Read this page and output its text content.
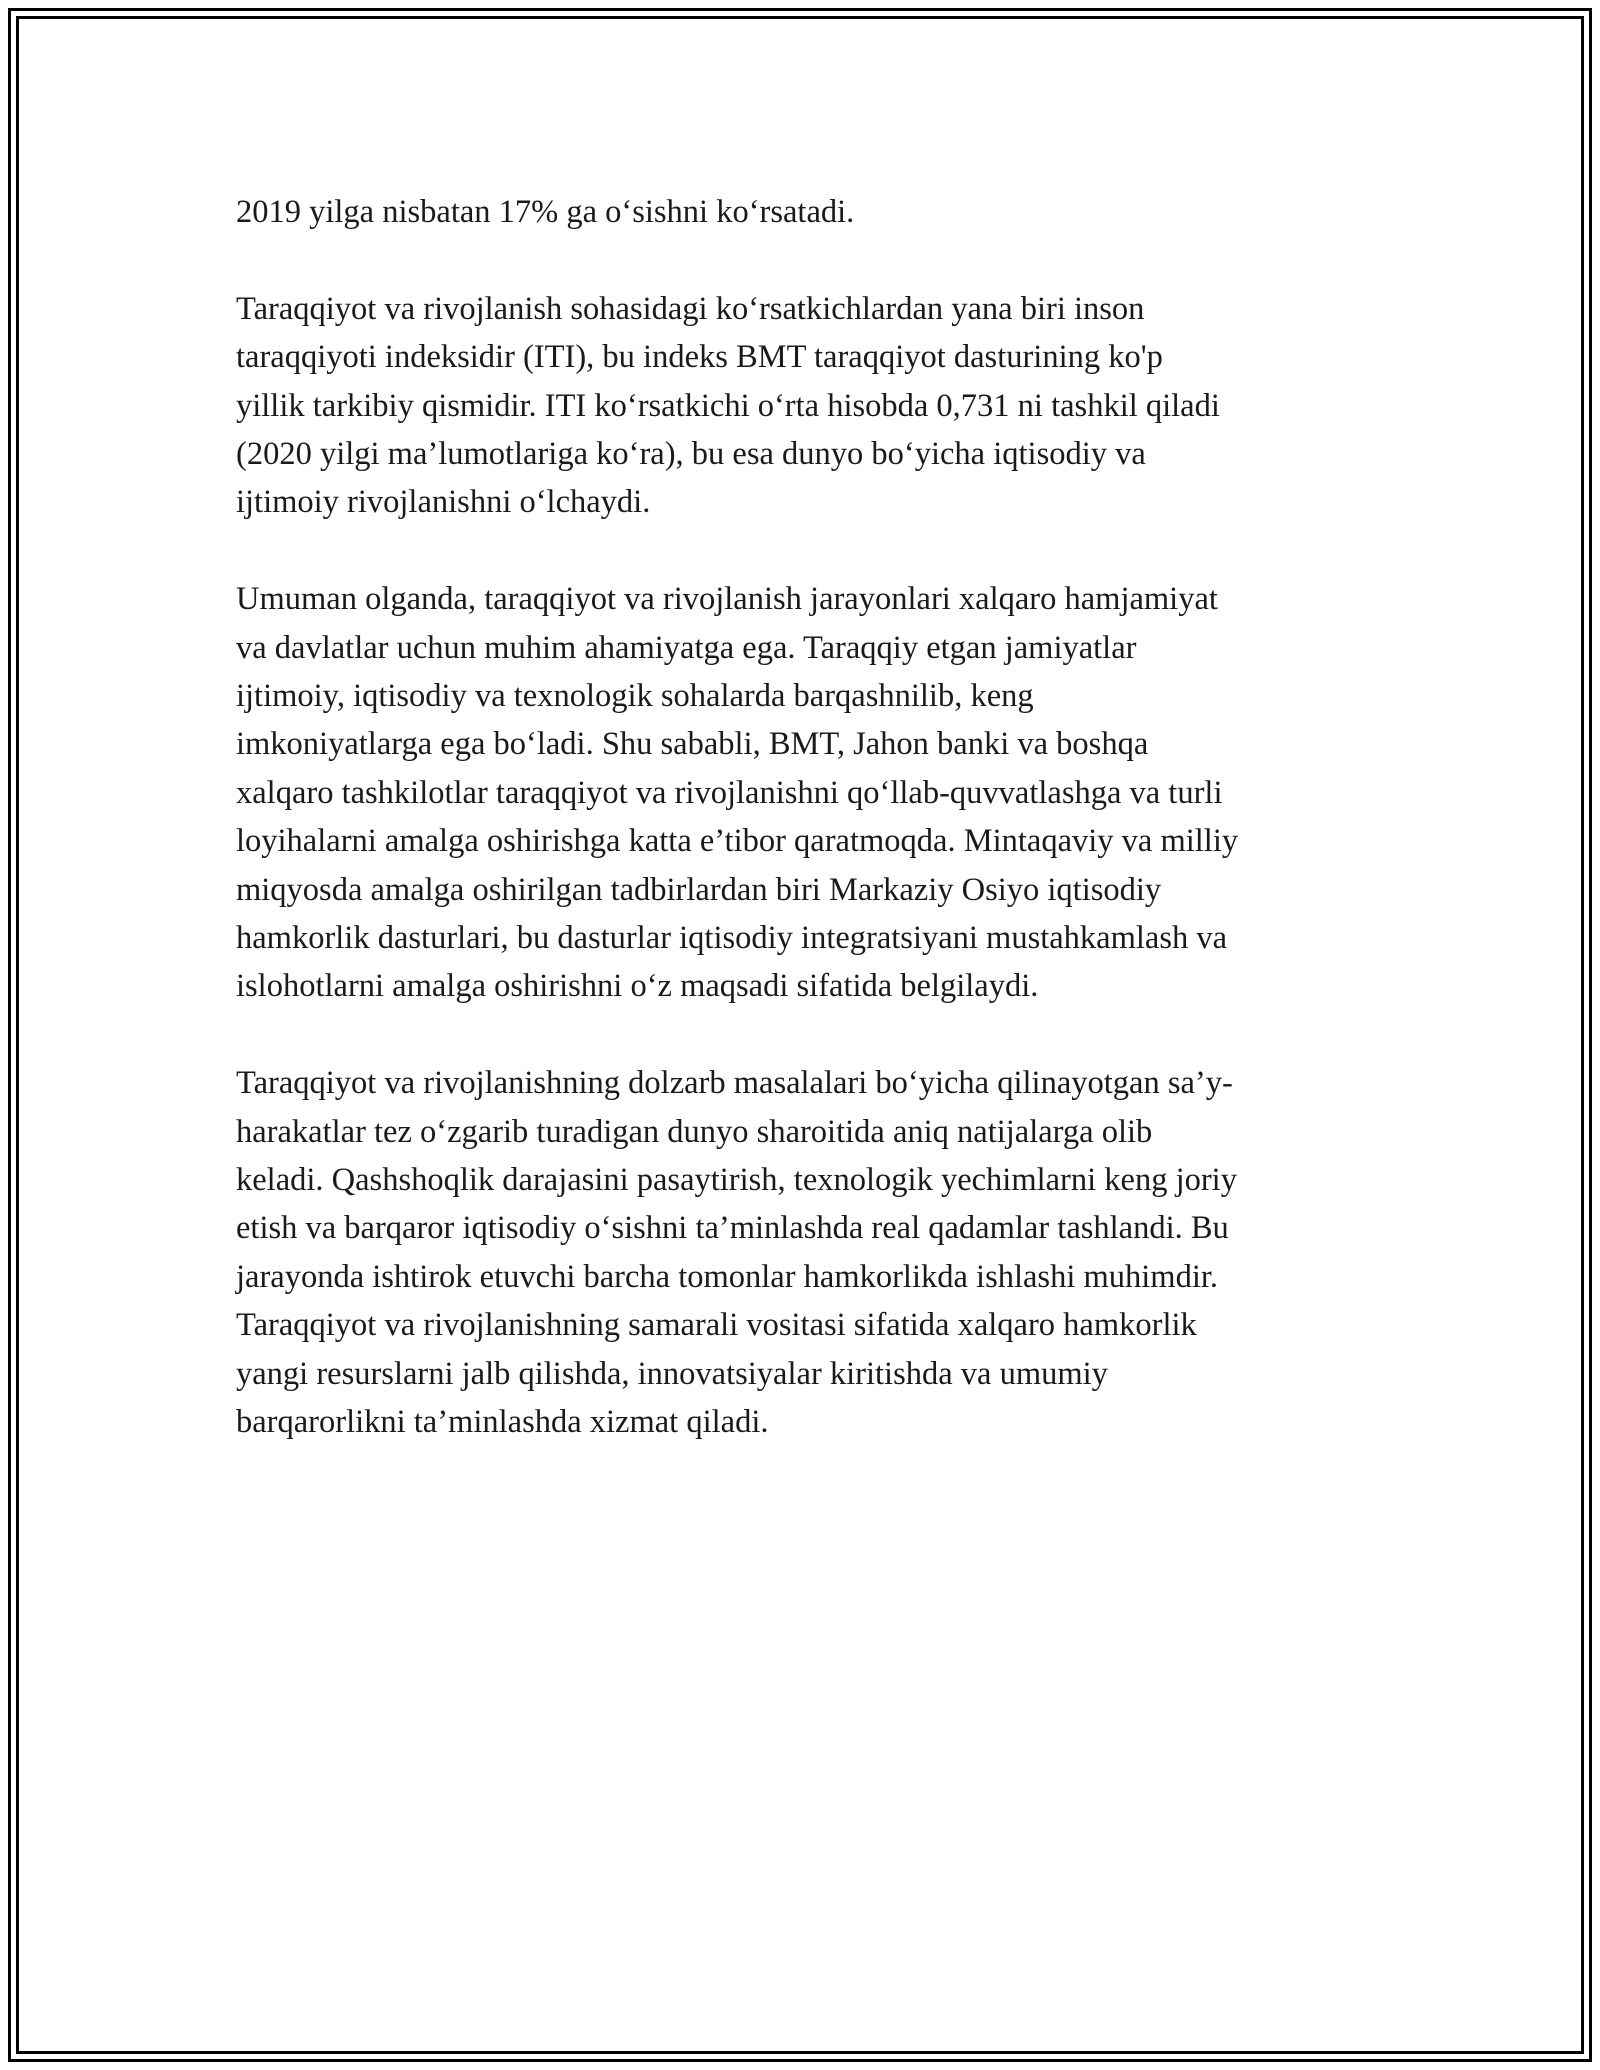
2019 yilga nisbatan 17% ga o‘sishni ko‘rsatadi.
Taraqqiyot va rivojlanish sohasidagi ko‘rsatkichlardan yana biri inson
taraqqiyoti indeksidir (ITI), bu indeks BMT taraqqiyot dasturining ko'p
yillik tarkibiy qismidir. ITI ko‘rsatkichi o‘rta hisobda 0,731 ni tashkil qiladi
(2020 yilgi ma’lumotlariga ko‘ra), bu esa dunyo bo‘yicha iqtisodiy va
ijtimoiy rivojlanishni o‘lchaydi.
Umuman olganda, taraqqiyot va rivojlanish jarayonlari xalqaro hamjamiyat
va davlatlar uchun muhim ahamiyatga ega. Taraqqiy etgan jamiyatlar
ijtimoiy, iqtisodiy va texnologik sohalarda barqashnilib, keng
imkoniyatlarga ega bo‘ladi. Shu sababli, BMT, Jahon banki va boshqa
xalqaro tashkilotlar taraqqiyot va rivojlanishni qo‘llab-quvvatlashga va turli
loyihalarni amalga oshirishga katta e’tibor qaratmoqda. Mintaqaviy va milliy
miqyosda amalga oshirilgan tadbirlardan biri Markaziy Osiyo iqtisodiy
hamkorlik dasturlari, bu dasturlar iqtisodiy integratsiyani mustahkamlash va
islohotlarni amalga oshirishni o‘z maqsadi sifatida belgilaydi.
Taraqqiyot va rivojlanishning dolzarb masalalari bo‘yicha qilinayotgan sa’y-
harakatlar tez o‘zgarib turadigan dunyo sharoitida aniq natijalarga olib
keladi. Qashshoqlik darajasini pasaytirish, texnologik yechimlarni keng joriy
etish va barqaror iqtisodiy o‘sishni ta’minlashda real qadamlar tashlandi. Bu
jarayonda ishtirok etuvchi barcha tomonlar hamkorlikda ishlashi muhimdir.
Taraqqiyot va rivojlanishning samarali vositasi sifatida xalqaro hamkorlik
yangi resurslarni jalb qilishda, innovatsiyalar kiritishda va umumiy
barqarorlikni ta’minlashda xizmat qiladi.
